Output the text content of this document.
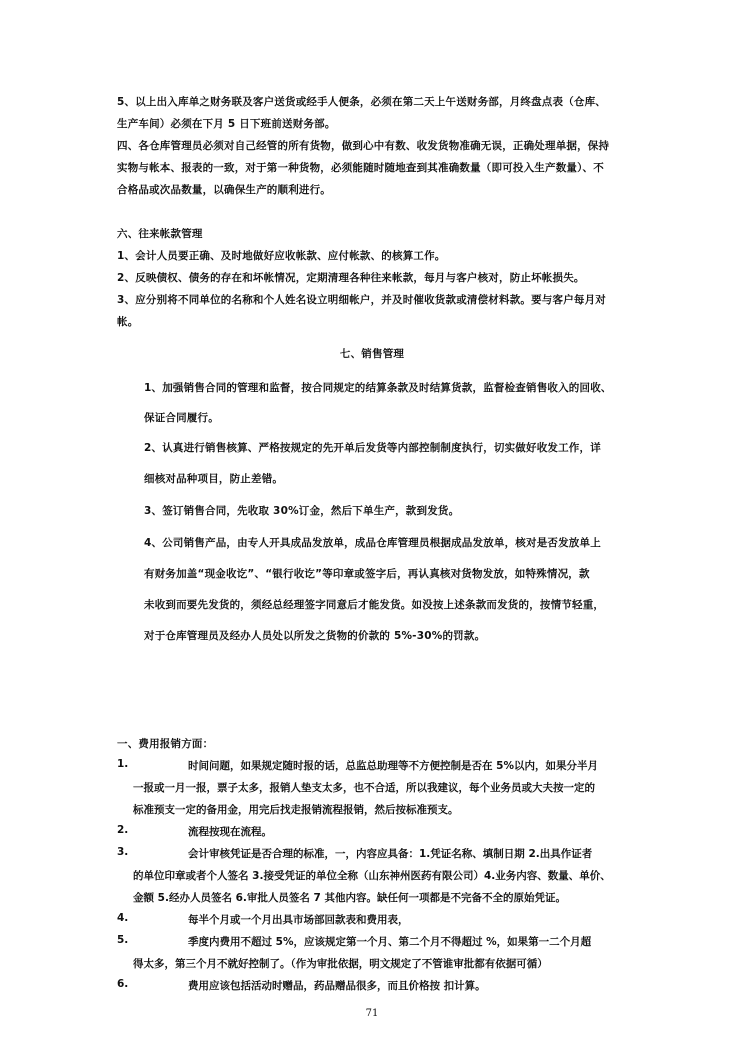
5、以上出入库单之财务联及客户送货或经手人便条，必须在第二天上午送财务部，月终盘点表（仓库、
生产车间）必须在下月 5 日下班前送财务部。
四、各仓库管理员必须对自己经管的所有货物，做到心中有数、收发货物准确无误，正确处理单据，保持
实物与帐本、报表的一致，对于第一种货物，必须能随时随地查到其准确数量（即可投入生产数量）、不
合格品或次品数量，以确保生产的顺利进行。
六、往来帐款管理
1、会计人员要正确、及时地做好应收帐款、应付帐款、的核算工作。
2、反映债权、债务的存在和坏帐情况，定期清理各种往来帐款，每月与客户核对，防止坏帐损失。
3、应分别将不同单位的名称和个人姓名设立明细帐户，并及时催收货款或清偿材料款。要与客户每月对
帐。
七、销售管理
1、加强销售合同的管理和监督，按合同规定的结算条款及时结算货款，监督检查销售收入的回收、
保证合同履行。
2、认真进行销售核算、严格按规定的先开单后发货等内部控制制度执行，切实做好收发工作，详
细核对品种项目，防止差错。
3、签订销售合同，先收取 30%订金，然后下单生产，款到发货。
4、公司销售产品，由专人开具成品发放单，成品仓库管理员根据成品发放单，核对是否发放单上
有财务加盖“现金收讫”、“银行收讫”等印章或签字后，再认真核对货物发放，如特殊情况，款
未收到而要先发货的，须经总经理签字同意后才能发货。如没按上述条款而发货的，按情节轻重，
对于仓库管理员及经办人员处以所发之货物的价款的 5%-30%的罚款。
一、费用报销方面：
1.	时间问题，如果规定随时报的话，总监总助理等不方便控制是否在 5%以内，如果分半月
一报或一月一报，票子太多，报销人垫支太多，也不合适，所以我建议，每个业务员或大夫按一定的
标准预支一定的备用金，用完后找走报销流程报销，然后按标准预支。
2.	流程按现在流程。
3.	会计审核凭证是否合理的标准，一，内容应具备：1.凭证名称、填制日期 2.出具作证者
的单位印章或者个人签名 3.接受凭证的单位全称（山东神州医药有限公司）4.业务内容、数量、单价、
金额 5.经办人员签名 6.审批人员签名 7 其他内容。缺任何一项都是不完备不全的原始凭证。
4.	每半个月或一个月出具市场部回款表和费用表，
5.	季度内费用不超过 5%，应该规定第一个月、第二个月不得超过 %，如果第一二个月超
得太多，第三个月不就好控制了。（作为审批依据，明文规定了不管谁审批都有依据可循）
6.	费用应该包括活动时赠品，药品赠品很多，而且价格按 扣计算。
71
